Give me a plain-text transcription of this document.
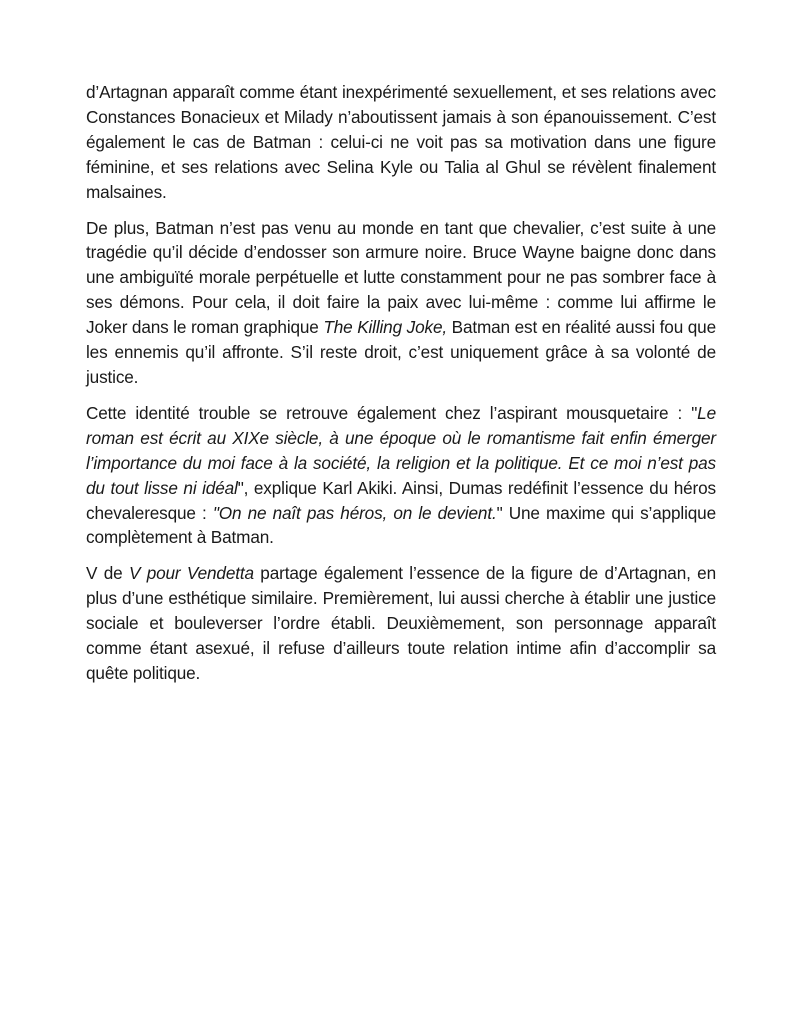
d’Artagnan apparaît comme étant inexpérimenté sexuellement, et ses relations avec Constances Bonacieux et Milady n’aboutissent jamais à son épanouissement. C’est également le cas de Batman : celui-ci ne voit pas sa motivation dans une figure féminine, et ses relations avec Selina Kyle ou Talia al Ghul se révèlent finalement malsaines.

De plus, Batman n’est pas venu au monde en tant que chevalier, c’est suite à une tragédie qu’il décide d’endosser son armure noire. Bruce Wayne baigne donc dans une ambiguïté morale perpétuelle et lutte constamment pour ne pas sombrer face à ses démons. Pour cela, il doit faire la paix avec lui-même : comme lui affirme le Joker dans le roman graphique The Killing Joke, Batman est en réalité aussi fou que les ennemis qu’il affronte. S’il reste droit, c’est uniquement grâce à sa volonté de justice.

Cette identité trouble se retrouve également chez l’aspirant mousquetaire : "Le roman est écrit au XIXe siècle, à une époque où le romantisme fait enfin émerger l’importance du moi face à la société, la religion et la politique. Et ce moi n’est pas du tout lisse ni idéal", explique Karl Akiki. Ainsi, Dumas redéfinit l’essence du héros chevaleresque : "On ne naît pas héros, on le devient." Une maxime qui s’applique complètement à Batman.

V de V pour Vendetta partage également l’essence de la figure de d’Artagnan, en plus d’une esthétique similaire. Premièrement, lui aussi cherche à établir une justice sociale et bouleverser l’ordre établi. Deuxièmement, son personnage apparaît comme étant asexué, il refuse d’ailleurs toute relation intime afin d’accomplir sa quête politique.
